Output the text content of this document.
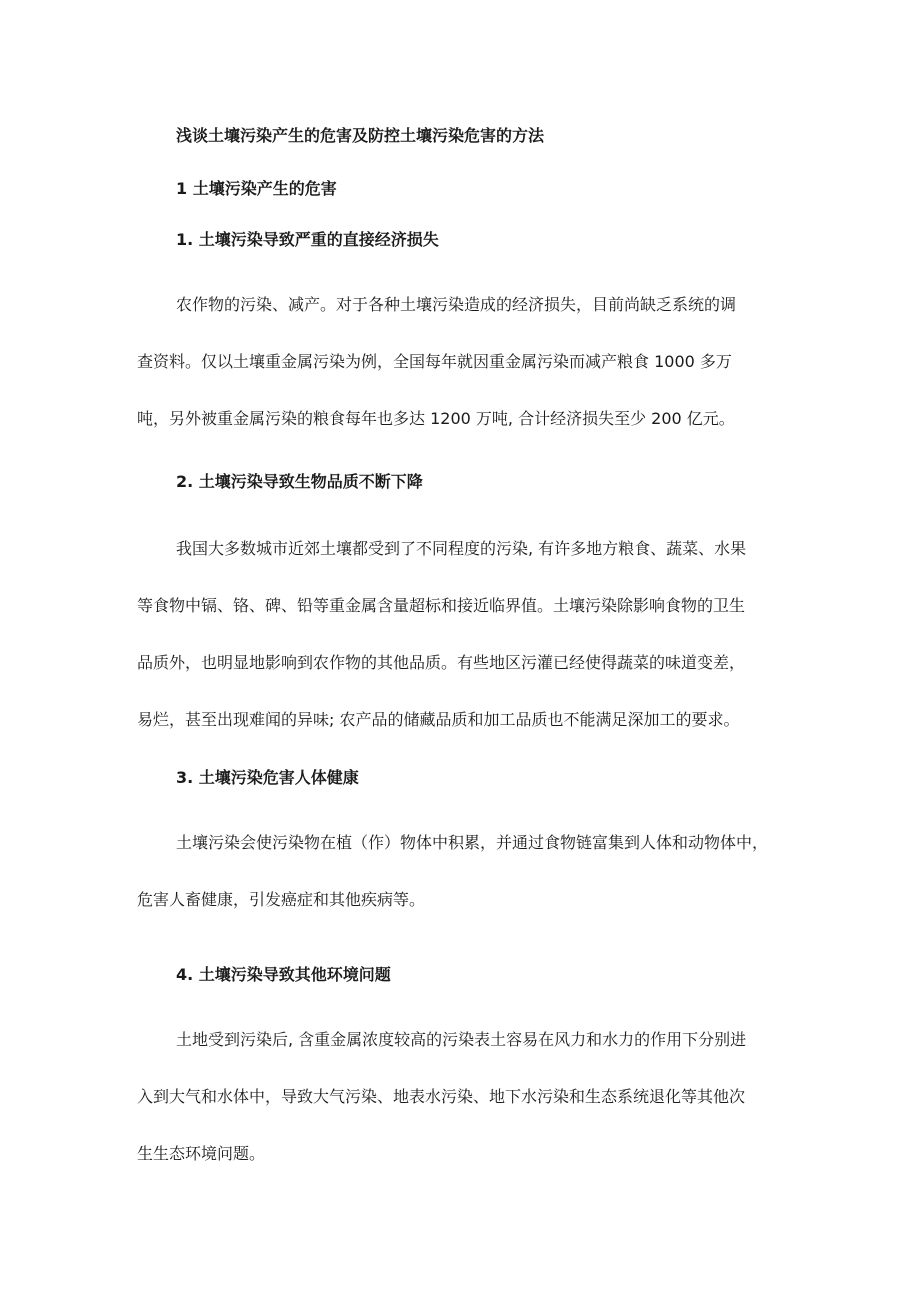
浅谈土壤污染产生的危害及防控土壤污染危害的方法
1 土壤污染产生的危害
1. 土壤污染导致严重的直接经济损失
农作物的污染、减产。对于各种土壤污染造成的经济损失，目前尚缺乏系统的调
查资料。仅以土壤重金属污染为例，全国每年就因重金属污染而减产粮食 1000 多万
吨，另外被重金属污染的粮食每年也多达 1200 万吨, 合计经济损失至少 200 亿元。
2. 土壤污染导致生物品质不断下降
我国大多数城市近郊土壤都受到了不同程度的污染, 有许多地方粮食、蔬菜、水果
等食物中镉、铬、碑、铅等重金属含量超标和接近临界值。土壤污染除影响食物的卫生
品质外，也明显地影响到农作物的其他品质。有些地区污灌已经使得蔬菜的味道变差，
易烂，甚至出现难闻的异味; 农产品的储藏品质和加工品质也不能满足深加工的要求。
3. 土壤污染危害人体健康
土壤污染会使污染物在植（作）物体中积累，并通过食物链富集到人体和动物体中，
危害人畜健康，引发癌症和其他疾病等。
4. 土壤污染导致其他环境问题
土地受到污染后, 含重金属浓度较高的污染表土容易在风力和水力的作用下分别进
入到大气和水体中，导致大气污染、地表水污染、地下水污染和生态系统退化等其他次
生生态环境问题。
